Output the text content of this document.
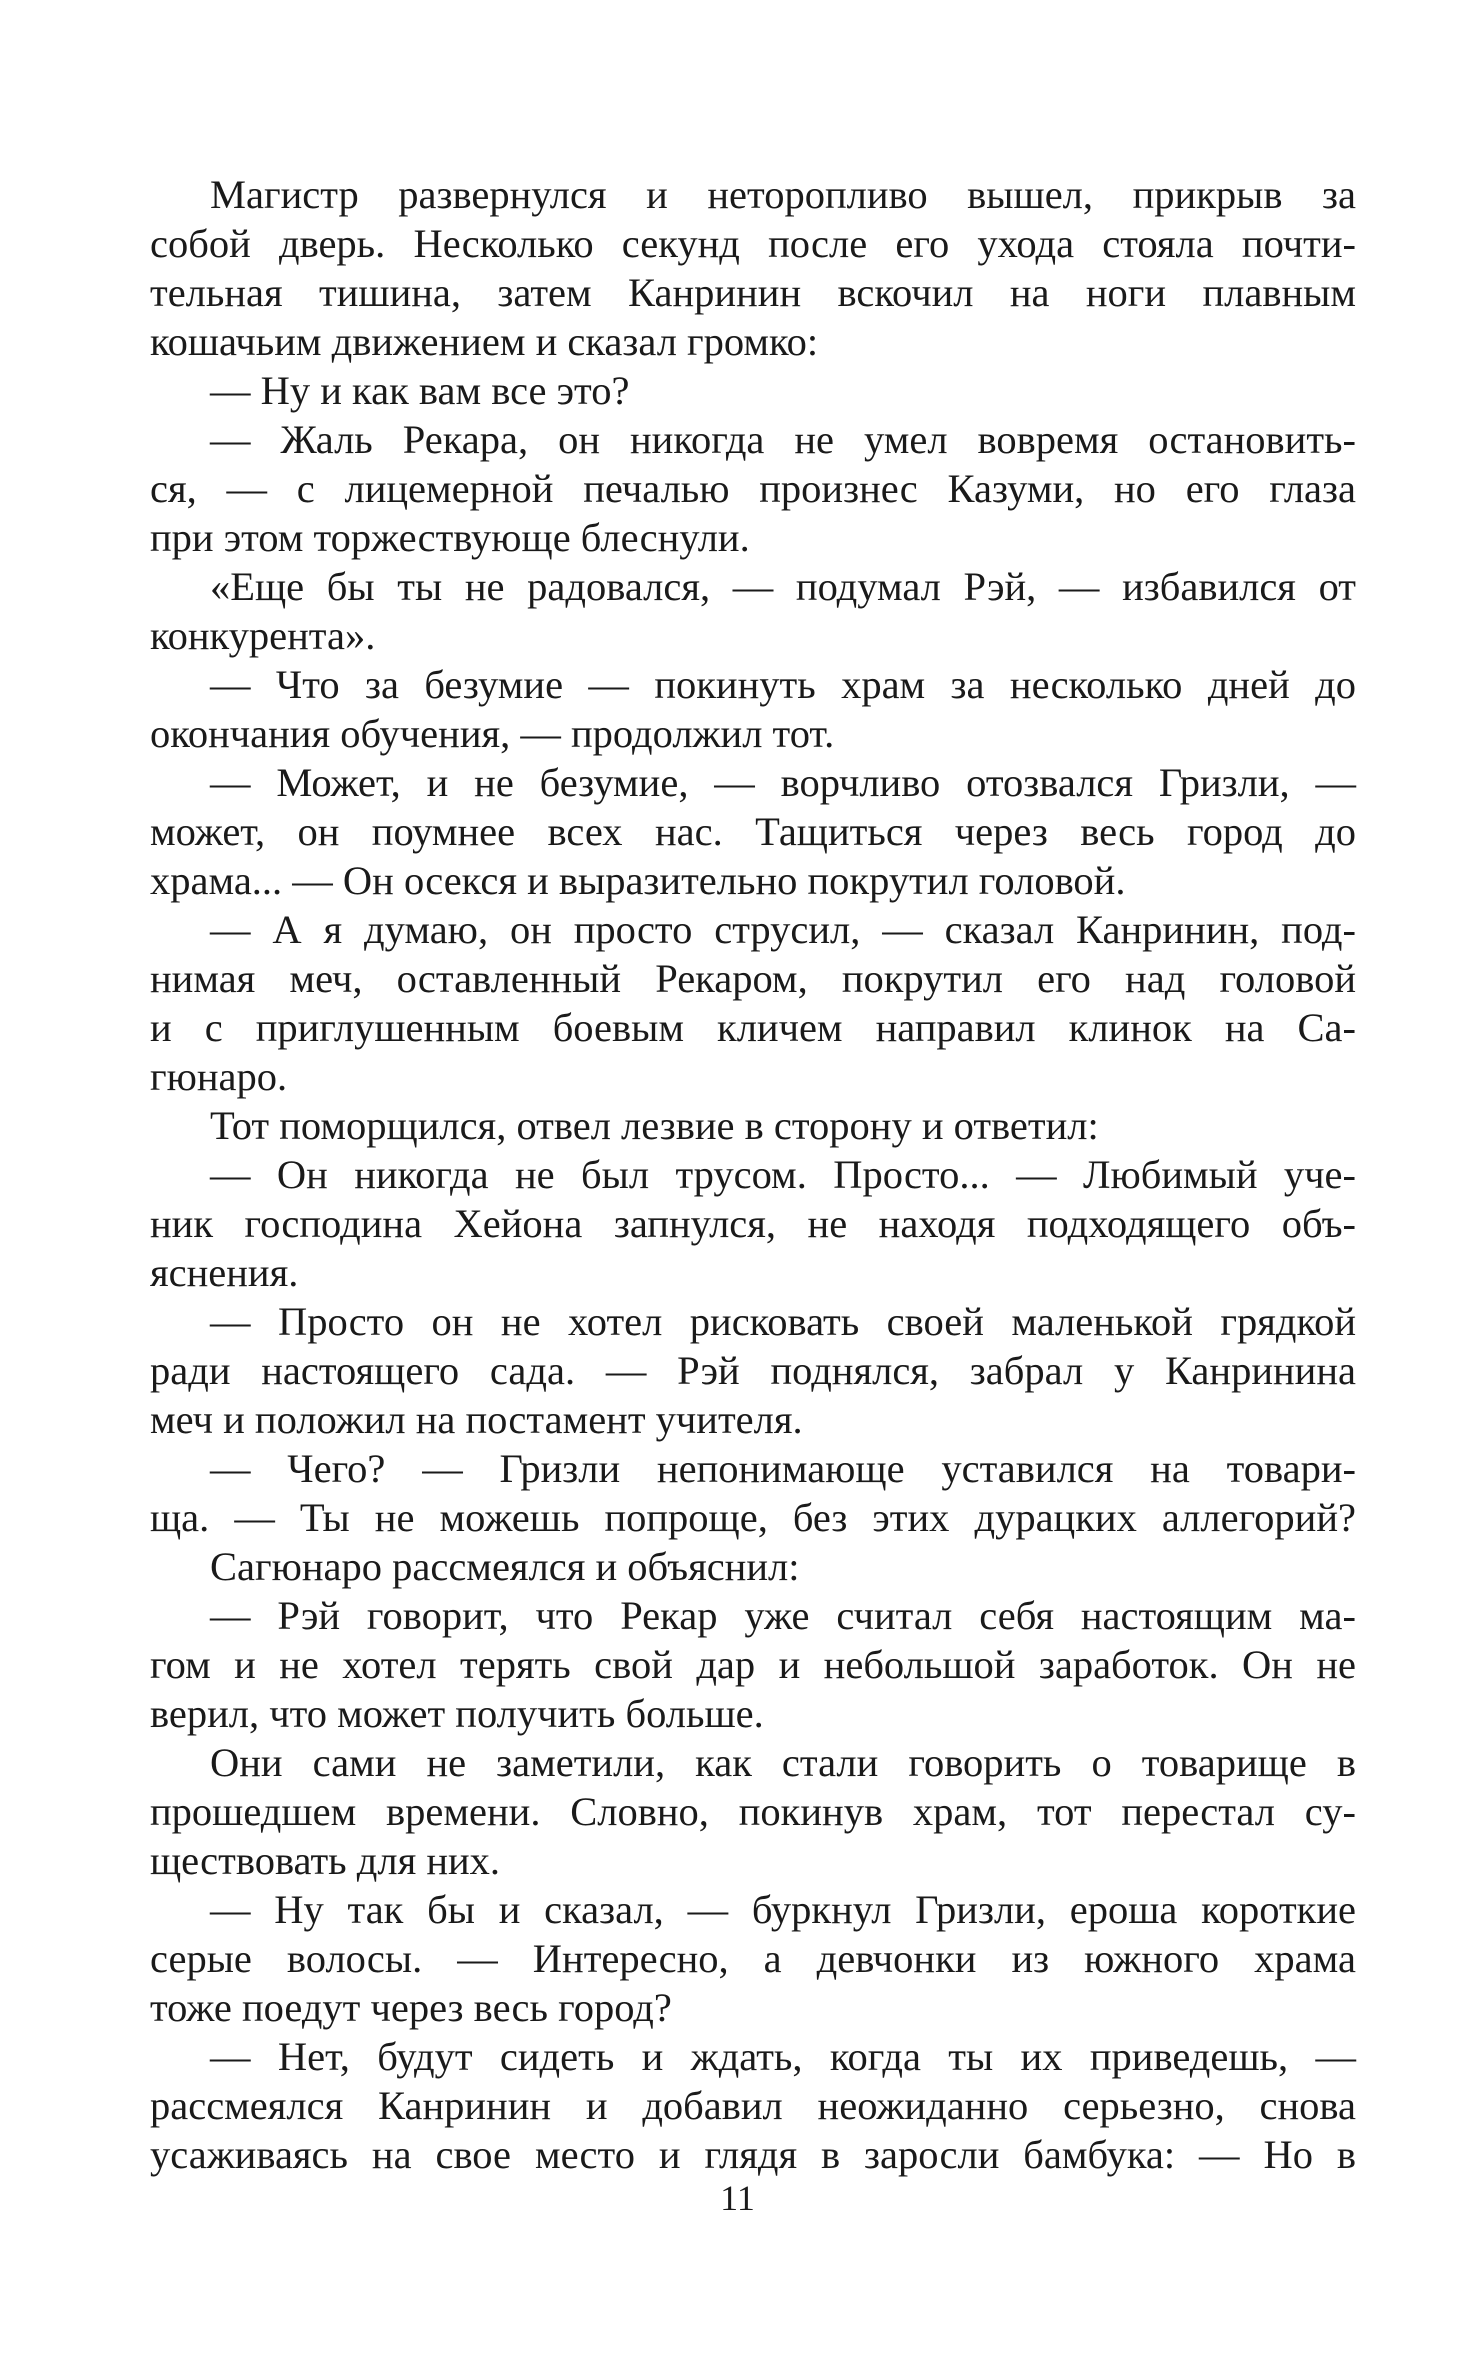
Магистр развернулся и неторопливо вышел, прикрыв за
собой дверь. Несколько секунд после его ухода стояла почти-
тельная тишина, затем Канринин вскочил на ноги плавным
кошачьим движением и сказал громко:
— Ну и как вам все это?
— Жаль Рекара, он никогда не умел вовремя остановить-
ся, — с лицемерной печалью произнес Казуми, но его глаза
при этом торжествующе блеснули.
«Еще бы ты не радовался, — подумал Рэй, — избавился от
конкурента».
— Что за безумие — покинуть храм за несколько дней до
окончания обучения, — продолжил тот.
— Может, и не безумие, — ворчливо отозвался Гризли, —
может, он поумнее всех нас. Тащиться через весь город до
храма... — Он осекся и выразительно покрутил головой.
— А я думаю, он просто струсил, — сказал Канринин, под-
нимая меч, оставленный Рекаром, покрутил его над головой
и с приглушенным боевым кличем направил клинок на Са-
гюнаро.
Тот поморщился, отвел лезвие в сторону и ответил:
— Он никогда не был трусом. Просто... — Любимый уче-
ник господина Хейона запнулся, не находя подходящего объ-
яснения.
— Просто он не хотел рисковать своей маленькой грядкой
ради настоящего сада. — Рэй поднялся, забрал у Канринина
меч и положил на постамент учителя.
— Чего? — Гризли непонимающе уставился на товари-
ща. — Ты не можешь попроще, без этих дурацких аллегорий?
Сагюнаро рассмеялся и объяснил:
— Рэй говорит, что Рекар уже считал себя настоящим ма-
гом и не хотел терять свой дар и небольшой заработок. Он не
верил, что может получить больше.
Они сами не заметили, как стали говорить о товарище в
прошедшем времени. Словно, покинув храм, тот перестал су-
ществовать для них.
— Ну так бы и сказал, — буркнул Гризли, ероша короткие
серые волосы. — Интересно, а девчонки из южного храма
тоже поедут через весь город?
— Нет, будут сидеть и ждать, когда ты их приведешь, —
рассмеялся Канринин и добавил неожиданно серьезно, снова
усаживаясь на свое место и глядя в заросли бамбука: — Но в
11
